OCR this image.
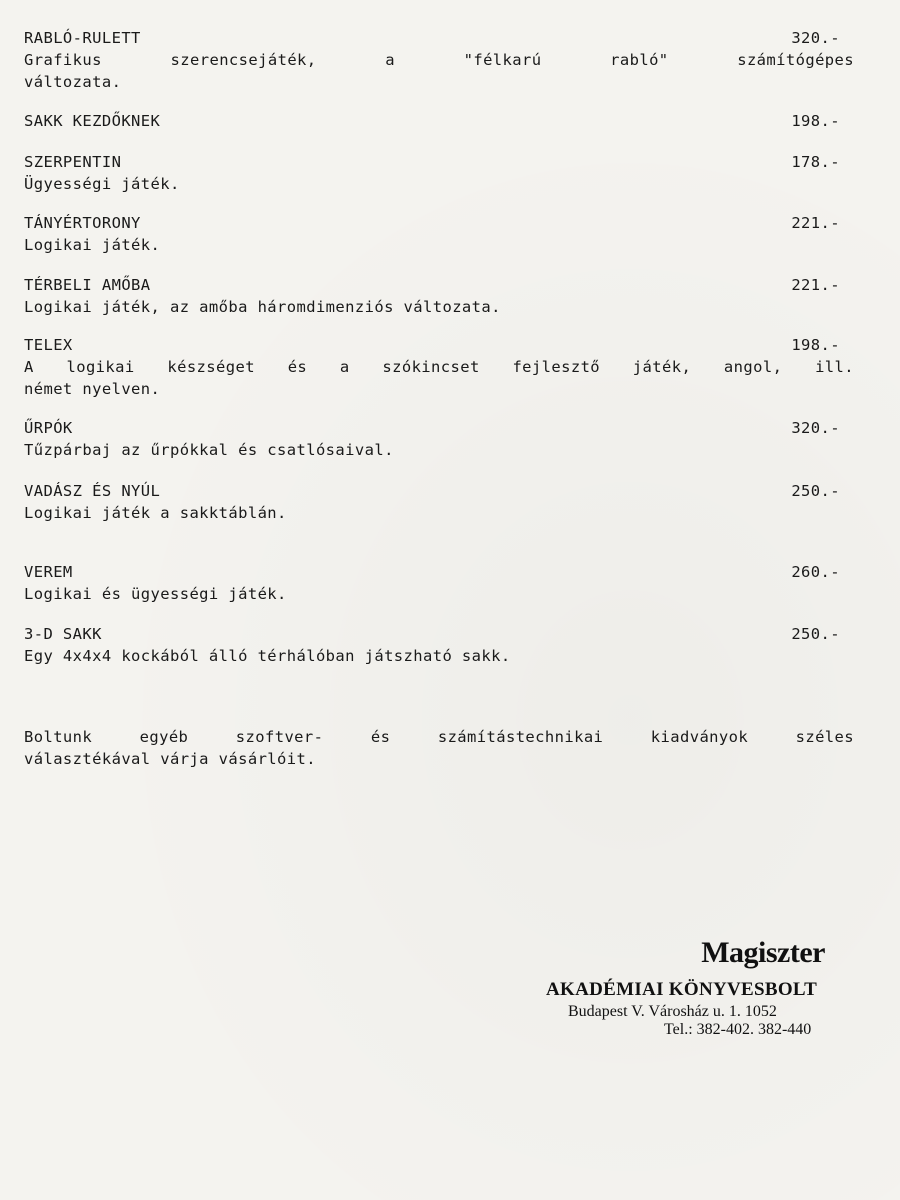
RABLÓ-RULETT	320.-
Grafikus szerencsejáték, a "félkarú rabló" számítógépes
változata.
SAKK KEZDŐKNEK	198.-
SZERPENTIN	178.-
Ügyességi játék.
TÁNYÉRTORONY	221.-
Logikai játék.
TÉRBELI AMŐBA	221.-
Logikai játék, az amőba háromdimenziós változata.
TELEX	198.-
A logikai készséget és a szókincset fejlesztő játék, angol, ill.
német nyelven.
ŰRPÓK	320.-
Tűzpárbaj az űrpókkal és csatlósaival.
VADÁSZ ÉS NYÚL	250.-
Logikai játék a sakktáblán.
VEREM	260.-
Logikai és ügyességi játék.
3-D SAKK	250.-
Egy 4x4x4 kockából álló térhálóban játszható sakk.
Boltunk egyéb szoftver- és számítástechnikai kiadványok széles
választékával várja vásárlóit.
Magiszter
AKADÉMIAI KÖNYVESBOLT
Budapest V. Városház u. 1. 1052
Tel.: 382-402. 382-440
